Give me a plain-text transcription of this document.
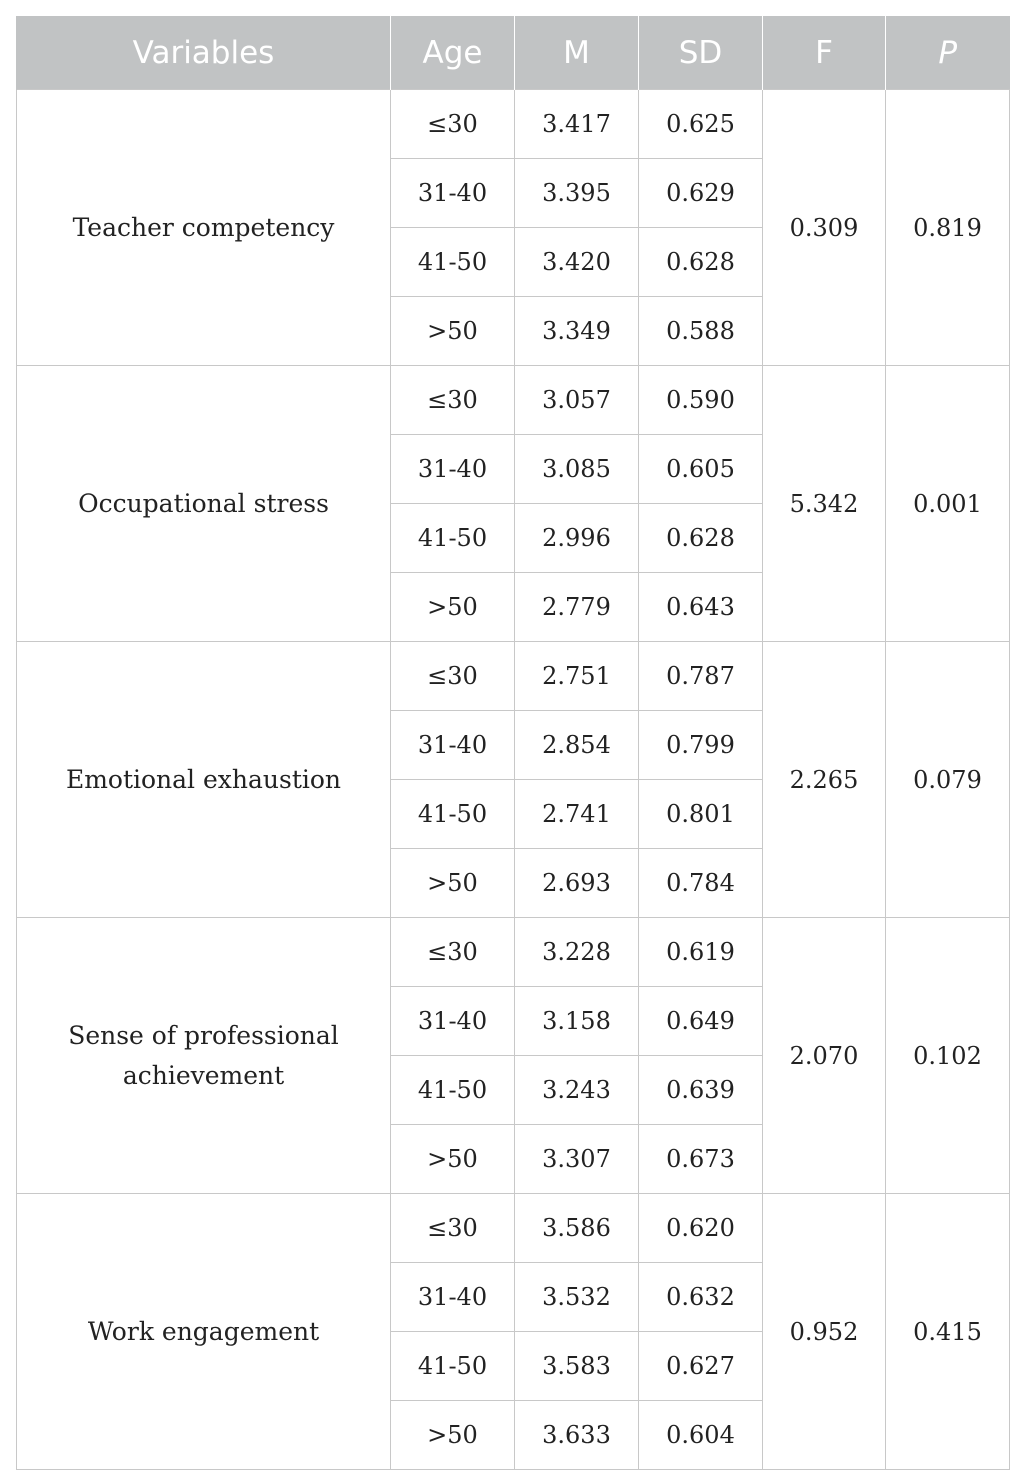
Variables	Age	M	SD	F	P
Teacher competency	≤30	3.417	0.625	0.309	0.819
	31-40	3.395	0.629		
	41-50	3.420	0.628		
	>50	3.349	0.588		
Occupational stress	≤30	3.057	0.590	5.342	0.001
	31-40	3.085	0.605		
	41-50	2.996	0.628		
	>50	2.779	0.643		
Emotional exhaustion	≤30	2.751	0.787	2.265	0.079
	31-40	2.854	0.799		
	41-50	2.741	0.801		
	>50	2.693	0.784		
Sense of professional achievement	≤30	3.228	0.619	2.070	0.102
	31-40	3.158	0.649		
	41-50	3.243	0.639		
	>50	3.307	0.673		
Work engagement	≤30	3.586	0.620	0.952	0.415
	31-40	3.532	0.632		
	41-50	3.583	0.627		
	>50	3.633	0.604		
